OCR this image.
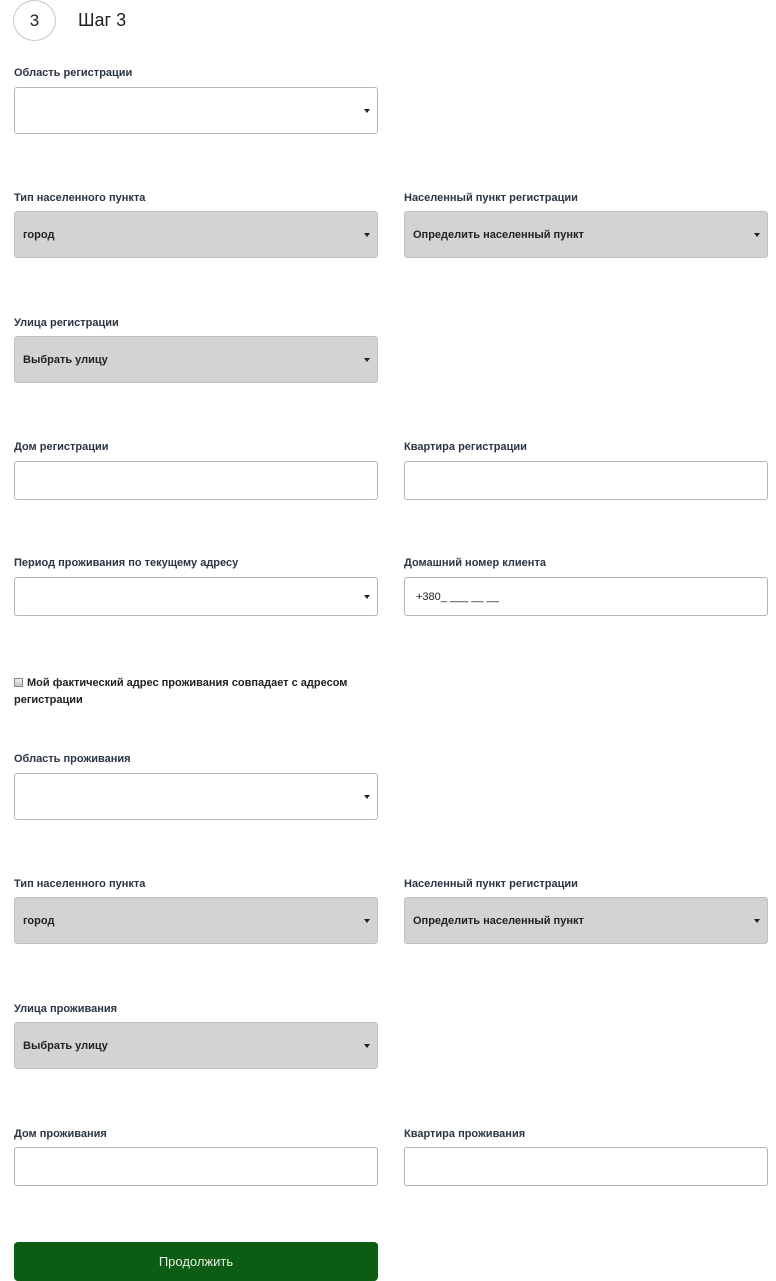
3	Шаг 3
Область регистрации
Тип населенного пункта
город
Населенный пункт регистрации
Определить населенный пункт
Улица регистрации
Выбрать улицу
Дом регистрации	Квартира регистрации
Период проживания по текущему адресу	Домашний номер клиента
+380_ ___ __ __
Мой фактический адрес проживания совпадает с адресом регистрации
Область проживания
Тип населенного пункта
город
Населенный пункт регистрации
Определить населенный пункт
Улица проживания
Выбрать улицу
Дом проживания	Квартира проживания
Продолжить
